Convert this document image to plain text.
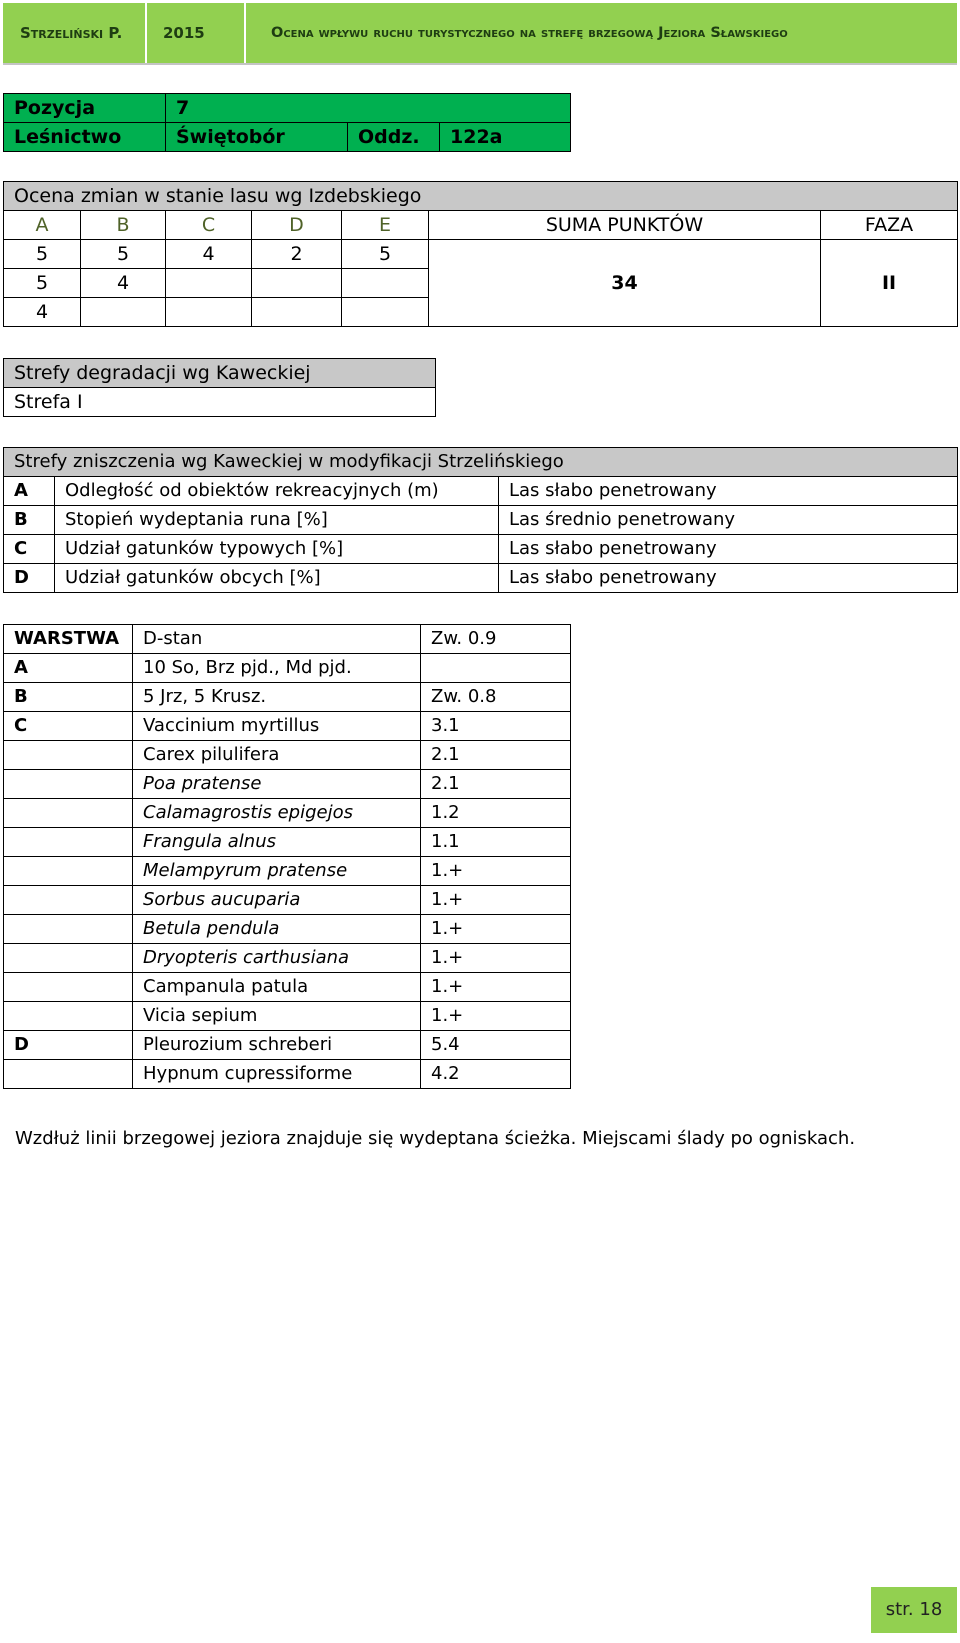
Strzeliński P.	2015	Ocena wpływu ruchu turystycznego na strefę brzegową Jeziora Sławskiego
Pozycja	7		
Leśnictwo	Świętobór	Oddz.	122a
Ocena zmian w stanie lasu wg Izdebskiego						
A	B	C	D	E	SUMA PUNKTÓW	FAZA
5	5	4	2	5	34	II
5	4					
4						
Strefy degradacji wg Kaweckiej
Strefa I
Strefy zniszczenia wg Kaweckiej w modyfikacji Strzelińskiego		
A	Odległość od obiektów rekreacyjnych (m)	Las słabo penetrowany
B	Stopień wydeptania runa [%]	Las średnio penetrowany
C	Udział gatunków typowych [%]	Las słabo penetrowany
D	Udział gatunków obcych [%]	Las słabo penetrowany
WARSTWA	D-stan	Zw. 0.9
A	10 So, Brz pjd., Md pjd.	
B	5 Jrz, 5 Krusz.	Zw. 0.8
C	Vaccinium myrtillus	3.1
	Carex pilulifera	2.1
	Poa pratense	2.1
	Calamagrostis epigejos	1.2
	Frangula alnus	1.1
	Melampyrum pratense	1.+
	Sorbus aucuparia	1.+
	Betula pendula	1.+
	Dryopteris carthusiana	1.+
	Campanula patula	1.+
	Vicia sepium	1.+
D	Pleurozium schreberi	5.4
	Hypnum cupressiforme	4.2
Wzdłuż linii brzegowej jeziora znajduje się wydeptana ścieżka. Miejscami ślady po ogniskach.
str. 18
